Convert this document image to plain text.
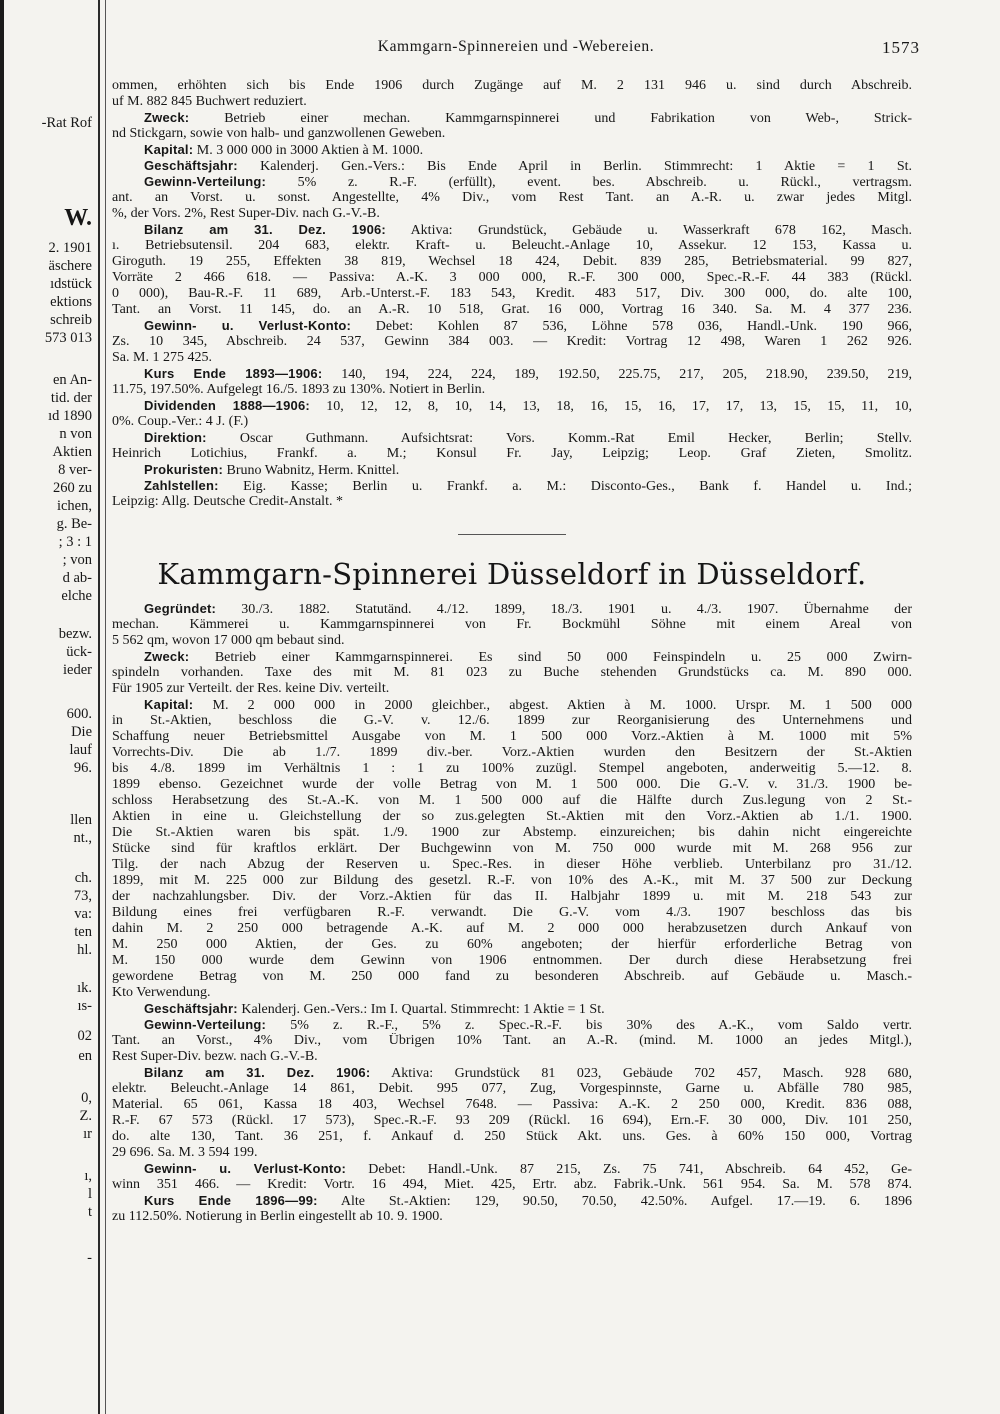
-Rat Rof
W.
2. 1901
äschere
ıdstück
ektions
schreib
573 013
en An-
tid. der
ıd 1890
n von
Aktien
8 ver-
260 zu
ichen,
g. Be-
; 3 : 1
; von
d ab-
elche
bezw.
ück-
ieder
600.
Die
lauf
96.
llen
nt.,
ch.
73,
va:
ten
hl.
ık.
ıs-
02
en
0,
Z.
ır
ı,
l
t
-
Kammgarn-Spinnereien und -Webereien.	1573
ommen, erhöhten sich bis Ende 1906 durch Zugänge auf M. 2 131 946 u. sind durch Abschreib.
uf M. 882 845 Buchwert reduziert.
Zweck: Betrieb einer mechan. Kammgarnspinnerei und Fabrikation von Web-, Strick-
nd Stickgarn, sowie von halb- und ganzwollenen Geweben.
Kapital: M. 3 000 000 in 3000 Aktien à M. 1000.
Geschäftsjahr: Kalenderj. Gen.-Vers.: Bis Ende April in Berlin. Stimmrecht: 1 Aktie = 1 St.
Gewinn-Verteilung: 5% z. R.-F. (erfüllt), event. bes. Abschreib. u. Rückl., vertragsm.
ant. an Vorst. u. sonst. Angestellte, 4% Div., vom Rest Tant. an A.-R. u. zwar jedes Mitgl.
%, der Vors. 2%, Rest Super-Div. nach G.-V.-B.
Bilanz am 31. Dez. 1906: Aktiva: Grundstück, Gebäude u. Wasserkraft 678 162, Masch.
ı. Betriebsutensil. 204 683, elektr. Kraft- u. Beleucht.-Anlage 10, Assekur. 12 153, Kassa u.
Giroguth. 19 255, Effekten 38 819, Wechsel 18 424, Debit. 839 285, Betriebsmaterial. 99 827,
Vorräte 2 466 618. — Passiva: A.-K. 3 000 000, R.-F. 300 000, Spec.-R.-F. 44 383 (Rückl.
0 000), Bau-R.-F. 11 689, Arb.-Unterst.-F. 183 543, Kredit. 483 517, Div. 300 000, do. alte 100,
Tant. an Vorst. 11 145, do. an A.-R. 10 518, Grat. 16 000, Vortrag 16 340. Sa. M. 4 377 236.
Gewinn- u. Verlust-Konto: Debet: Kohlen 87 536, Löhne 578 036, Handl.-Unk. 190 966,
Zs. 10 345, Abschreib. 24 537, Gewinn 384 003. — Kredit: Vortrag 12 498, Waren 1 262 926.
Sa. M. 1 275 425.
Kurs Ende 1893—1906: 140, 194, 224, 224, 189, 192.50, 225.75, 217, 205, 218.90, 239.50, 219,
11.75, 197.50%. Aufgelegt 16./5. 1893 zu 130%. Notiert in Berlin.
Dividenden 1888—1906: 10, 12, 12, 8, 10, 14, 13, 18, 16, 15, 16, 17, 17, 13, 15, 15, 11, 10,
0%. Coup.-Ver.: 4 J. (F.)
Direktion: Oscar Guthmann. Aufsichtsrat: Vors. Komm.-Rat Emil Hecker, Berlin; Stellv.
Heinrich Lotichius, Frankf. a. M.; Konsul Fr. Jay, Leipzig; Leop. Graf Zieten, Smolitz.
Prokuristen: Bruno Wabnitz, Herm. Knittel.
Zahlstellen: Eig. Kasse; Berlin u. Frankf. a. M.: Disconto-Ges., Bank f. Handel u. Ind.;
Leipzig: Allg. Deutsche Credit-Anstalt. *
Kammgarn-Spinnerei Düsseldorf in Düsseldorf.
Gegründet: 30./3. 1882. Statutänd. 4./12. 1899, 18./3. 1901 u. 4./3. 1907. Übernahme der
mechan. Kämmerei u. Kammgarnspinnerei von Fr. Bockmühl Söhne mit einem Areal von
5 562 qm, wovon 17 000 qm bebaut sind.
Zweck: Betrieb einer Kammgarnspinnerei. Es sind 50 000 Feinspindeln u. 25 000 Zwirn-
spindeln vorhanden. Taxe des mit M. 81 023 zu Buche stehenden Grundstücks ca. M. 890 000.
Für 1905 zur Verteilt. der Res. keine Div. verteilt.
Kapital: M. 2 000 000 in 2000 gleichber., abgest. Aktien à M. 1000. Urspr. M. 1 500 000
in St.-Aktien, beschloss die G.-V. v. 12./6. 1899 zur Reorganisierung des Unternehmens und
Schaffung neuer Betriebsmittel Ausgabe von M. 1 500 000 Vorz.-Aktien à M. 1000 mit 5%
Vorrechts-Div. Die ab 1./7. 1899 div.-ber. Vorz.-Aktien wurden den Besitzern der St.-Aktien
bis 4./8. 1899 im Verhältnis 1 : 1 zu 100% zuzügl. Stempel angeboten, anderweitig 5.—12. 8.
1899 ebenso. Gezeichnet wurde der volle Betrag von M. 1 500 000. Die G.-V. v. 31./3. 1900 be-
schloss Herabsetzung des St.-A.-K. von M. 1 500 000 auf die Hälfte durch Zus.legung von 2 St.-
Aktien in eine u. Gleichstellung der so zus.gelegten St.-Aktien mit den Vorz.-Aktien ab 1./1. 1900.
Die St.-Aktien waren bis spät. 1./9. 1900 zur Abstemp. einzureichen; bis dahin nicht eingereichte
Stücke sind für kraftlos erklärt. Der Buchgewinn von M. 750 000 wurde mit M. 268 956 zur
Tilg. der nach Abzug der Reserven u. Spec.-Res. in dieser Höhe verblieb. Unterbilanz pro 31./12.
1899, mit M. 225 000 zur Bildung des gesetzl. R.-F. von 10% des A.-K., mit M. 37 500 zur Deckung
der nachzahlungsber. Div. der Vorz.-Aktien für das II. Halbjahr 1899 u. mit M. 218 543 zur
Bildung eines frei verfügbaren R.-F. verwandt. Die G.-V. vom 4./3. 1907 beschloss das bis
dahin M. 2 250 000 betragende A.-K. auf M. 2 000 000 herabzusetzen durch Ankauf von
M. 250 000 Aktien, der Ges. zu 60% angeboten; der hierfür erforderliche Betrag von
M. 150 000 wurde dem Gewinn von 1906 entnommen. Der durch diese Herabsetzung frei
gewordene Betrag von M. 250 000 fand zu besonderen Abschreib. auf Gebäude u. Masch.-
Kto Verwendung.
Geschäftsjahr: Kalenderj. Gen.-Vers.: Im I. Quartal. Stimmrecht: 1 Aktie = 1 St.
Gewinn-Verteilung: 5% z. R.-F., 5% z. Spec.-R.-F. bis 30% des A.-K., vom Saldo vertr.
Tant. an Vorst., 4% Div., vom Übrigen 10% Tant. an A.-R. (mind. M. 1000 an jedes Mitgl.),
Rest Super-Div. bezw. nach G.-V.-B.
Bilanz am 31. Dez. 1906: Aktiva: Grundstück 81 023, Gebäude 702 457, Masch. 928 680,
elektr. Beleucht.-Anlage 14 861, Debit. 995 077, Zug, Vorgespinnste, Garne u. Abfälle 780 985,
Material. 65 061, Kassa 18 403, Wechsel 7648. — Passiva: A.-K. 2 250 000, Kredit. 836 088,
R.-F. 67 573 (Rückl. 17 573), Spec.-R.-F. 93 209 (Rückl. 16 694), Ern.-F. 30 000, Div. 101 250,
do. alte 130, Tant. 36 251, f. Ankauf d. 250 Stück Akt. uns. Ges. à 60% 150 000, Vortrag
29 696. Sa. M. 3 594 199.
Gewinn- u. Verlust-Konto: Debet: Handl.-Unk. 87 215, Zs. 75 741, Abschreib. 64 452, Ge-
winn 351 466. — Kredit: Vortr. 16 494, Miet. 425, Ertr. abz. Fabrik.-Unk. 561 954. Sa. M. 578 874.
Kurs Ende 1896—99: Alte St.-Aktien: 129, 90.50, 70.50, 42.50%. Aufgel. 17.—19. 6. 1896
zu 112.50%. Notierung in Berlin eingestellt ab 10. 9. 1900.
